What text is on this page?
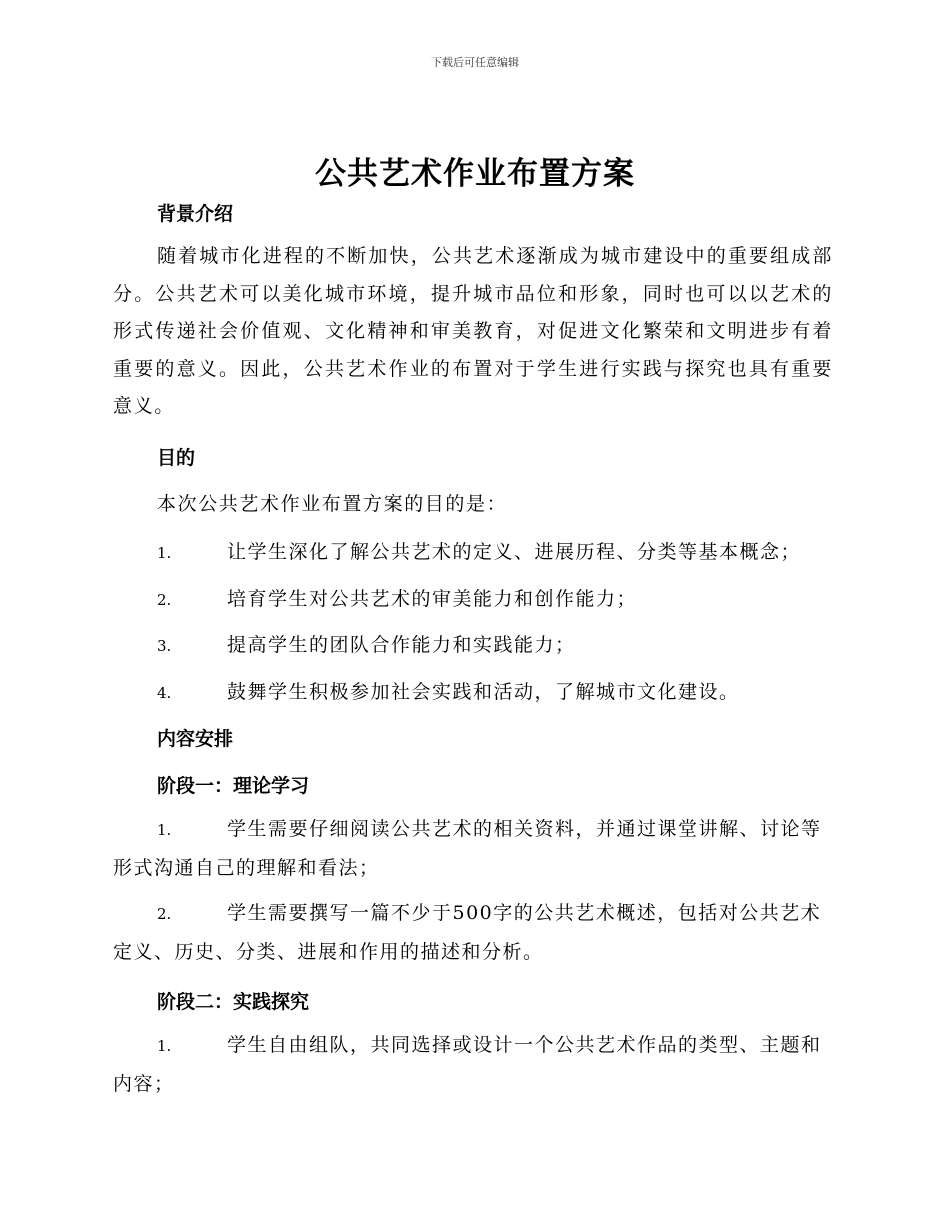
下载后可任意编辑
公共艺术作业布置方案
背景介绍

随着城市化进程的不断加快，公共艺术逐渐成为城市建设中的重要组成部分。公共艺术可以美化城市环境，提升城市品位和形象，同时也可以以艺术的形式传递社会价值观、文化精神和审美教育，对促进文化繁荣和文明进步有着重要的意义。因此，公共艺术作业的布置对于学生进行实践与探究也具有重要意义。

目的
本次公共艺术作业布置方案的目的是：
1.	让学生深化了解公共艺术的定义、进展历程、分类等基本概念；
2.	培育学生对公共艺术的审美能力和创作能力；
3.	提高学生的团队合作能力和实践能力；
4.	鼓舞学生积极参加社会实践和活动，了解城市文化建设。
内容安排
阶段一：理论学习

1.	学生需要仔细阅读公共艺术的相关资料，并通过课堂讲解、讨论等形式沟通自己的理解和看法；

2.	学生需要撰写一篇不少于500字的公共艺术概述，包括对公共艺术定义、历史、分类、进展和作用的描述和分析。

阶段二：实践探究

1.	学生自由组队，共同选择或设计一个公共艺术作品的类型、主题和内容；
